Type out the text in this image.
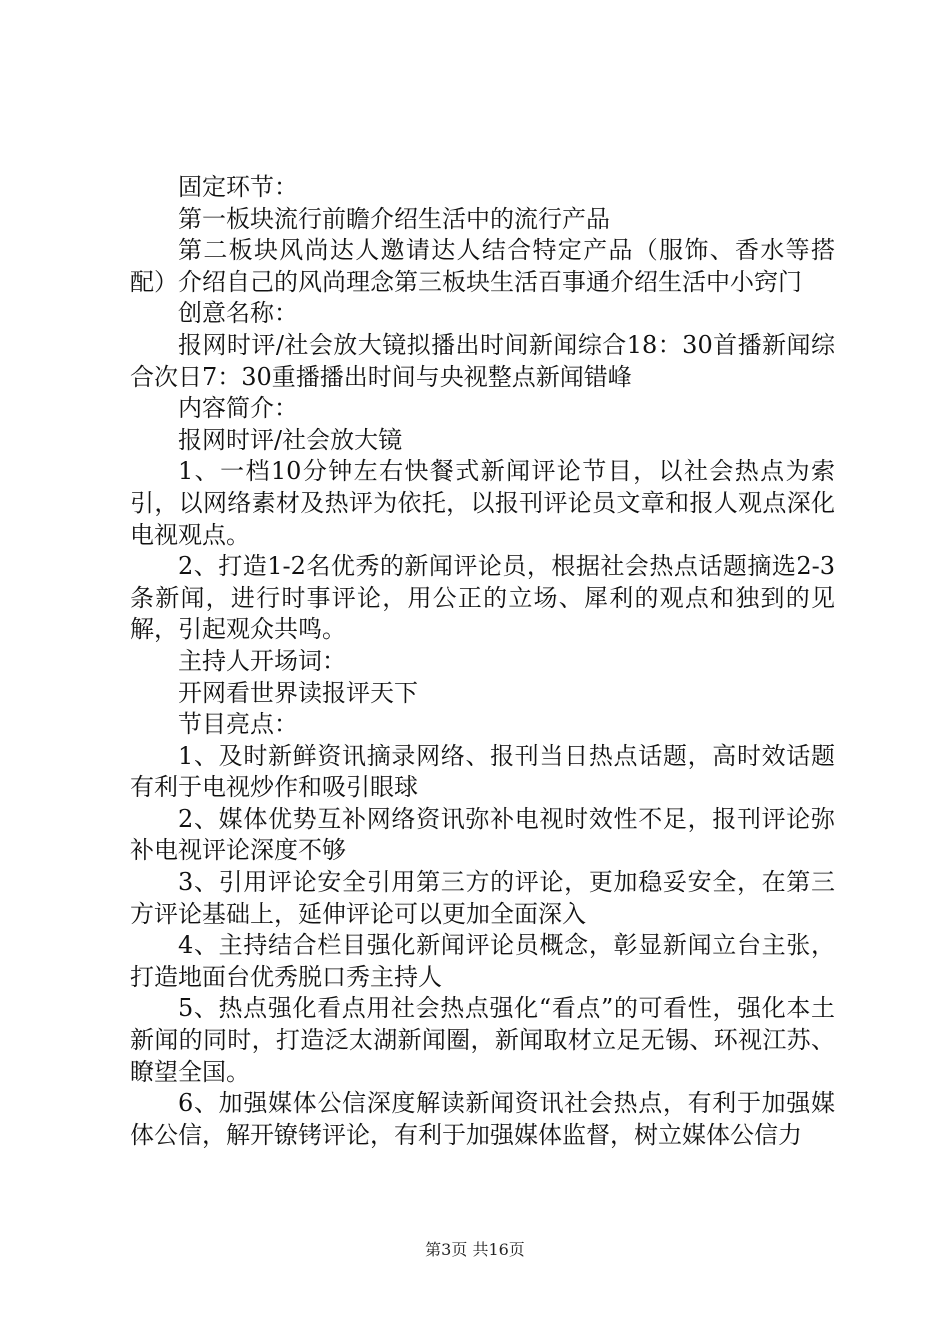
固定环节：

第一板块流行前瞻介绍生活中的流行产品

第二板块风尚达人邀请达人结合特定产品（服饰、香水等搭配）介绍自己的风尚理念第三板块生活百事通介绍生活中小窍门

创意名称：

报网时评/社会放大镜拟播出时间新闻综合18：30首播新闻综合次日7：30重播播出时间与央视整点新闻错峰

内容简介：

报网时评/社会放大镜

1、一档10分钟左右快餐式新闻评论节目，以社会热点为索引，以网络素材及热评为依托，以报刊评论员文章和报人观点深化电视观点。

2、打造1-2名优秀的新闻评论员，根据社会热点话题摘选2-3条新闻，进行时事评论，用公正的立场、犀利的观点和独到的见解，引起观众共鸣。

主持人开场词：

开网看世界读报评天下

节目亮点：

1、及时新鲜资讯摘录网络、报刊当日热点话题，高时效话题有利于电视炒作和吸引眼球

2、媒体优势互补网络资讯弥补电视时效性不足，报刊评论弥补电视评论深度不够

3、引用评论安全引用第三方的评论，更加稳妥安全，在第三方评论基础上，延伸评论可以更加全面深入

4、主持结合栏目强化新闻评论员概念，彰显新闻立台主张，打造地面台优秀脱口秀主持人

5、热点强化看点用社会热点强化“看点”的可看性，强化本土新闻的同时，打造泛太湖新闻圈，新闻取材立足无锡、环视江苏、瞭望全国。

6、加强媒体公信深度解读新闻资讯社会热点，有利于加强媒体公信，解开镣铐评论，有利于加强媒体监督，树立媒体公信力

第3页 共16页
